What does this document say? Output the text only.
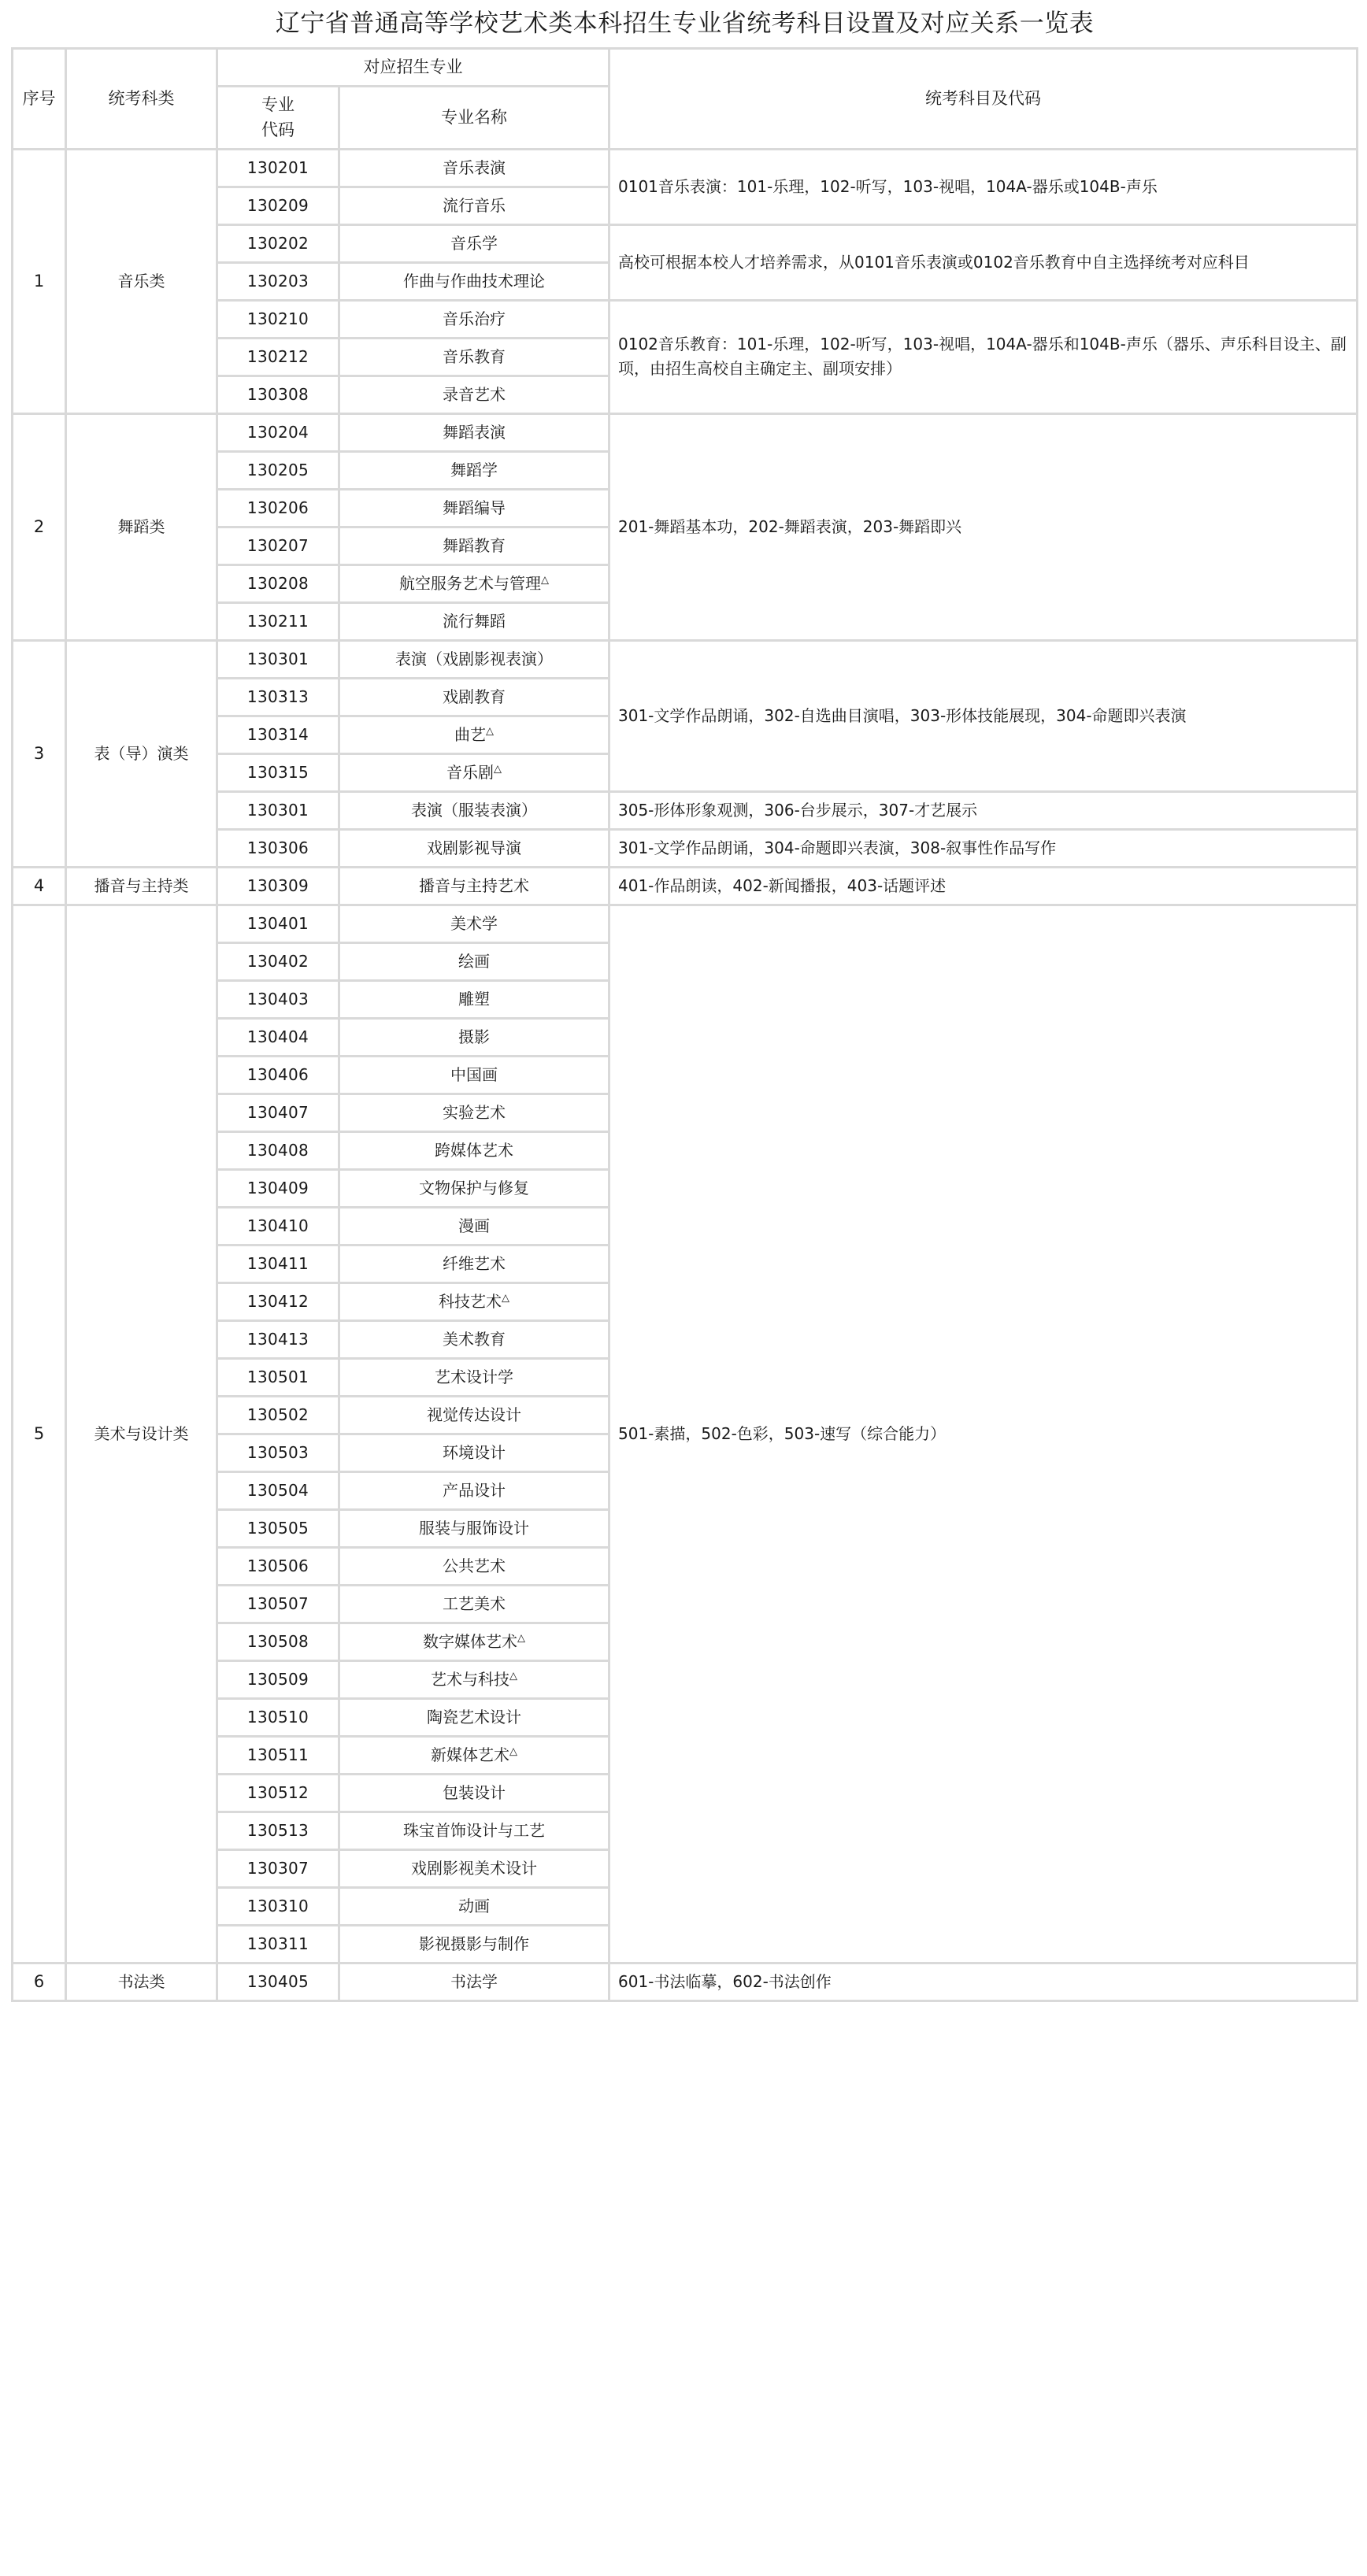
辽宁省普通高等学校艺术类本科招生专业省统考科目设置及对应关系一览表				
序号	统考科类	对应招生专业		统考科目及代码

		专业
代码	专业名称	
1	音乐类	130201	音乐表演	0101音乐表演：101-乐理，102-听写，103-视唱，104A-器乐或104B-声乐
		130209	流行音乐	
		130202	音乐学	高校可根据本校人才培养需求，从0101音乐表演或0102音乐教育中自主选择统考对应科目
		130203	作曲与作曲技术理论	
		130210	音乐治疗	0102音乐教育：101-乐理，102-听写，103-视唱，104A-器乐和104B-声乐（器乐、声乐科目设主、副项，由招生高校自主确定主、副项安排）
		130212	音乐教育	
		130308	录音艺术	
2	舞蹈类	130204	舞蹈表演	201-舞蹈基本功，202-舞蹈表演，203-舞蹈即兴
		130205	舞蹈学	
		130206	舞蹈编导	
		130207	舞蹈教育	
		130208	航空服务艺术与管理△
		130211	流行舞蹈	
3	表（导）演类	130301	表演（戏剧影视表演）	301-文学作品朗诵，302-自选曲目演唱，303-形体技能展现，304-命题即兴表演
		130313	戏剧教育	
		130314	曲艺△
		130315	音乐剧△
		130301	表演（服装表演）	305-形体形象观测，306-台步展示，307-才艺展示
		130306	戏剧影视导演	301-文学作品朗诵，304-命题即兴表演，308-叙事性作品写作
4	播音与主持类	130309	播音与主持艺术	401-作品朗读，402-新闻播报，403-话题评述
5	美术与设计类	130401	美术学	501-素描，502-色彩，503-速写（综合能力）
		130402	绘画	
		130403	雕塑	
		130404	摄影	
		130406	中国画	
		130407	实验艺术	
		130408	跨媒体艺术	
		130409	文物保护与修复	
		130410	漫画	
		130411	纤维艺术	
		130412	科技艺术△
		130413	美术教育	
		130501	艺术设计学	
		130502	视觉传达设计	
		130503	环境设计	
		130504	产品设计	
		130505	服装与服饰设计	
		130506	公共艺术	
		130507	工艺美术	
		130508	数字媒体艺术△
		130509	艺术与科技△
		130510	陶瓷艺术设计	
		130511	新媒体艺术△
		130512	包装设计	
		130513	珠宝首饰设计与工艺	
		130307	戏剧影视美术设计	
		130310	动画	
		130311	影视摄影与制作	
6	书法类	130405	书法学	601-书法临摹，602-书法创作
